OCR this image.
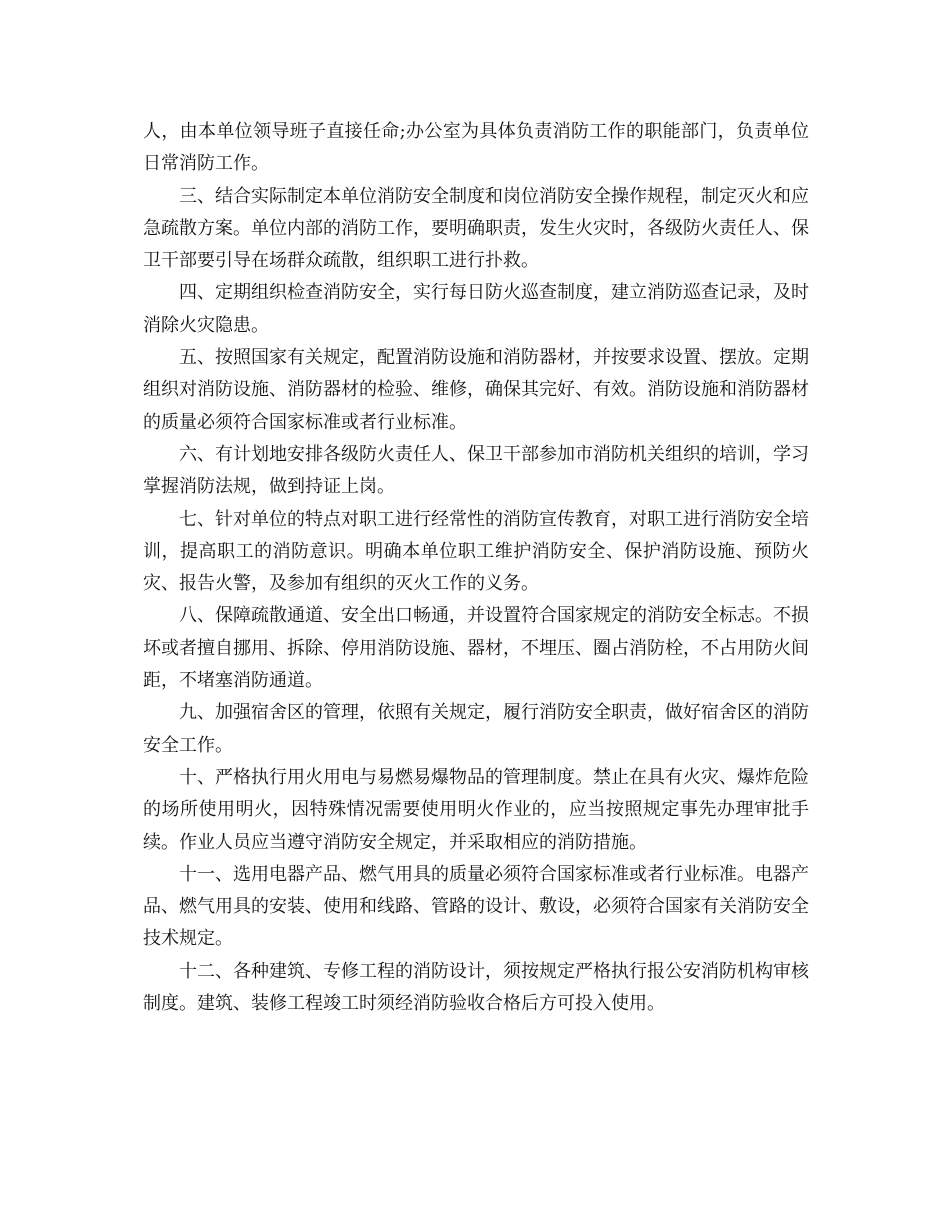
人，由本单位领导班子直接任命;办公室为具体负责消防工作的职能部门，负责单位日常消防工作。

三、结合实际制定本单位消防安全制度和岗位消防安全操作规程，制定灭火和应急疏散方案。单位内部的消防工作，要明确职责，发生火灾时，各级防火责任人、保卫干部要引导在场群众疏散，组织职工进行扑救。

四、定期组织检查消防安全，实行每日防火巡查制度，建立消防巡查记录，及时消除火灾隐患。

五、按照国家有关规定，配置消防设施和消防器材，并按要求设置、摆放。定期组织对消防设施、消防器材的检验、维修，确保其完好、有效。消防设施和消防器材的质量必须符合国家标准或者行业标准。

六、有计划地安排各级防火责任人、保卫干部参加市消防机关组织的培训，学习掌握消防法规，做到持证上岗。

七、针对单位的特点对职工进行经常性的消防宣传教育，对职工进行消防安全培训，提高职工的消防意识。明确本单位职工维护消防安全、保护消防设施、预防火灾、报告火警，及参加有组织的灭火工作的义务。

八、保障疏散通道、安全出口畅通，并设置符合国家规定的消防安全标志。不损坏或者擅自挪用、拆除、停用消防设施、器材，不埋压、圈占消防栓，不占用防火间距，不堵塞消防通道。

九、加强宿舍区的管理，依照有关规定，履行消防安全职责，做好宿舍区的消防安全工作。

十、严格执行用火用电与易燃易爆物品的管理制度。禁止在具有火灾、爆炸危险的场所使用明火，因特殊情况需要使用明火作业的，应当按照规定事先办理审批手续。作业人员应当遵守消防安全规定，并采取相应的消防措施。

十一、选用电器产品、燃气用具的质量必须符合国家标准或者行业标准。电器产品、燃气用具的安装、使用和线路、管路的设计、敷设，必须符合国家有关消防安全技术规定。

十二、各种建筑、专修工程的消防设计，须按规定严格执行报公安消防机构审核制度。建筑、装修工程竣工时须经消防验收合格后方可投入使用。
